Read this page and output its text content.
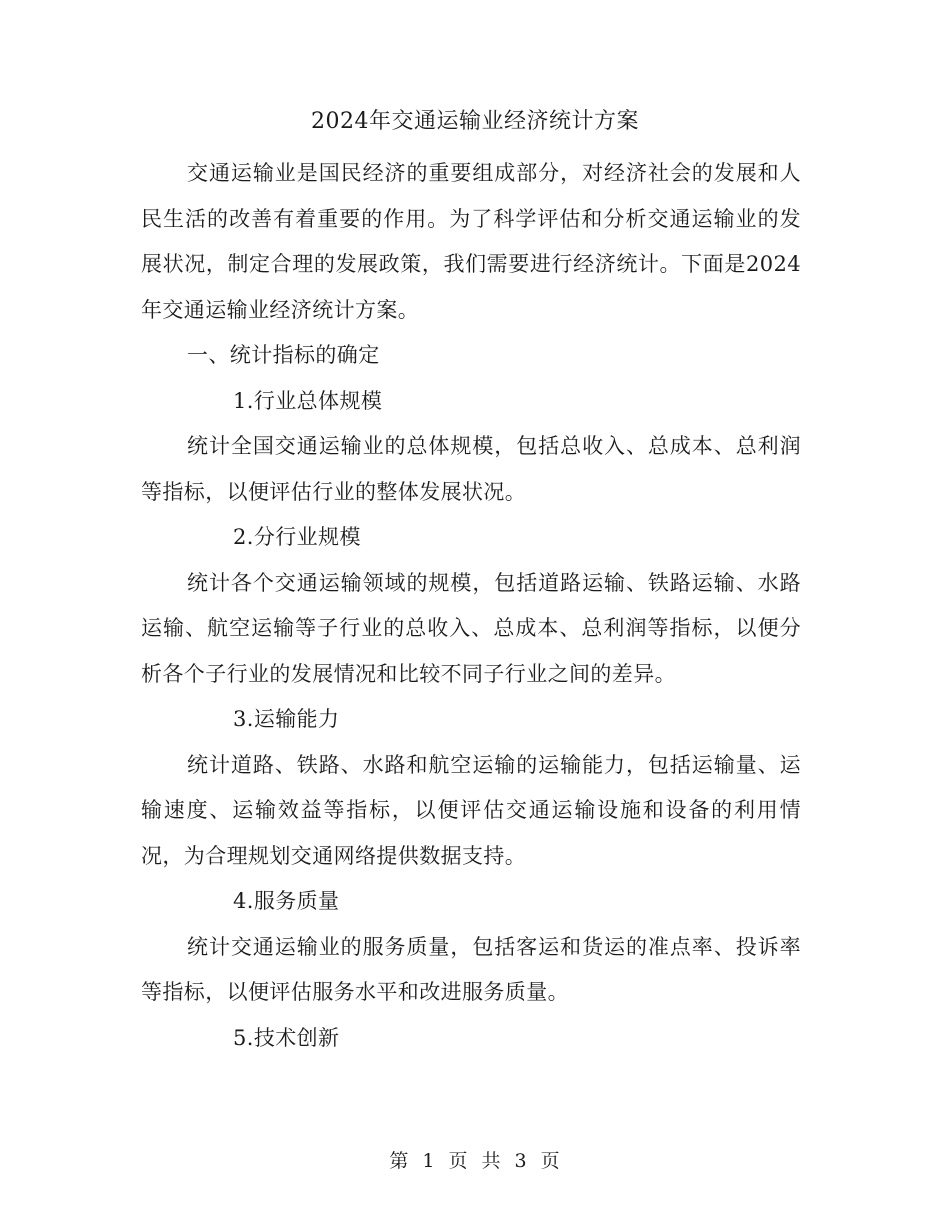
2024年交通运输业经济统计方案

交通运输业是国民经济的重要组成部分，对经济社会的发展和人民生活的改善有着重要的作用。为了科学评估和分析交通运输业的发展状况，制定合理的发展政策，我们需要进行经济统计。下面是2024年交通运输业经济统计方案。

一、统计指标的确定

1.行业总体规模

统计全国交通运输业的总体规模，包括总收入、总成本、总利润等指标，以便评估行业的整体发展状况。

2.分行业规模

统计各个交通运输领域的规模，包括道路运输、铁路运输、水路运输、航空运输等子行业的总收入、总成本、总利润等指标，以便分析各个子行业的发展情况和比较不同子行业之间的差异。

3.运输能力

统计道路、铁路、水路和航空运输的运输能力，包括运输量、运输速度、运输效益等指标，以便评估交通运输设施和设备的利用情况，为合理规划交通网络提供数据支持。

4.服务质量

统计交通运输业的服务质量，包括客运和货运的准点率、投诉率等指标，以便评估服务水平和改进服务质量。

5.技术创新

第 1 页 共 3 页
